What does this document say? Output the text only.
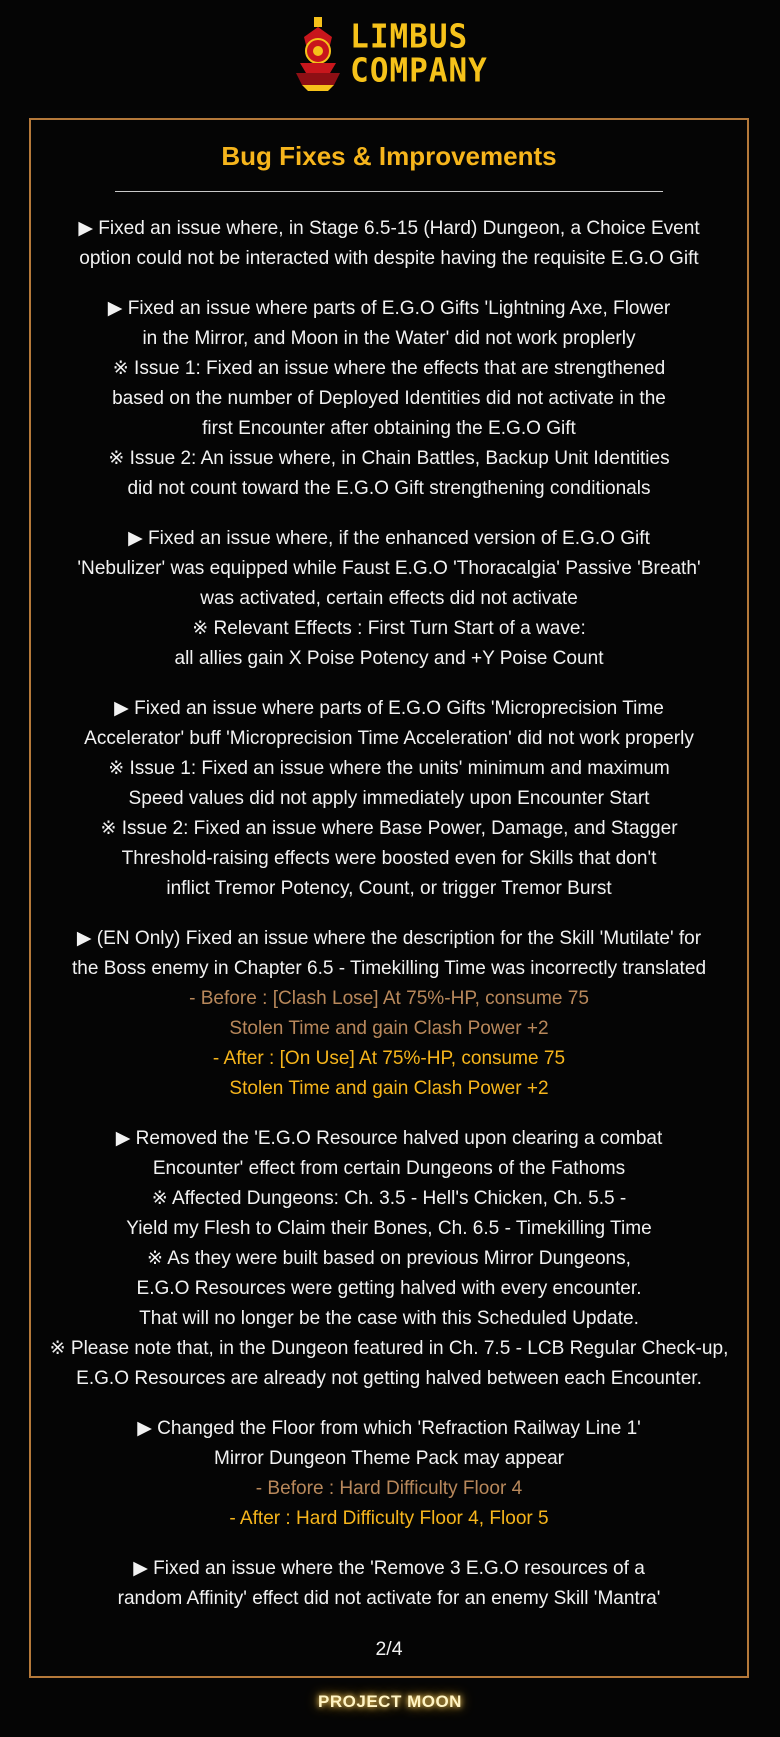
LIMBUS
COMPANY
Bug Fixes & Improvements
▶ Fixed an issue where, in Stage 6.5-15 (Hard) Dungeon, a Choice Event
option could not be interacted with despite having the requisite E.G.O Gift
▶ Fixed an issue where parts of E.G.O Gifts 'Lightning Axe, Flower
in the Mirror, and Moon in the Water' did not work proplerly
※ Issue 1: Fixed an issue where the effects that are strengthened
based on the number of Deployed Identities did not activate in the
first Encounter after obtaining the E.G.O Gift
※ Issue 2: An issue where, in Chain Battles, Backup Unit Identities
did not count toward the E.G.O Gift strengthening conditionals
▶ Fixed an issue where, if the enhanced version of E.G.O Gift
'Nebulizer' was equipped while Faust E.G.O 'Thoracalgia' Passive 'Breath'
was activated, certain effects did not activate
※ Relevant Effects : First Turn Start of a wave:
all allies gain X Poise Potency and +Y Poise Count
▶ Fixed an issue where parts of E.G.O Gifts 'Microprecision Time
Accelerator' buff 'Microprecision Time Acceleration' did not work properly
※ Issue 1: Fixed an issue where the units' minimum and maximum
Speed values did not apply immediately upon Encounter Start
※ Issue 2: Fixed an issue where Base Power, Damage, and Stagger
Threshold-raising effects were boosted even for Skills that don't
inflict Tremor Potency, Count, or trigger Tremor Burst
▶ (EN Only) Fixed an issue where the description for the Skill 'Mutilate' for
the Boss enemy in Chapter 6.5 - Timekilling Time was incorrectly translated
- Before : [Clash Lose] At 75%-HP, consume 75
Stolen Time and gain Clash Power +2
- After : [On Use] At 75%-HP, consume 75
Stolen Time and gain Clash Power +2
▶ Removed the 'E.G.O Resource halved upon clearing a combat
Encounter' effect from certain Dungeons of the Fathoms
※ Affected Dungeons: Ch. 3.5 - Hell's Chicken, Ch. 5.5 -
Yield my Flesh to Claim their Bones, Ch. 6.5 - Timekilling Time
※ As they were built based on previous Mirror Dungeons,
E.G.O Resources were getting halved with every encounter.
That will no longer be the case with this Scheduled Update.
※ Please note that, in the Dungeon featured in Ch. 7.5 - LCB Regular Check-up,
E.G.O Resources are already not getting halved between each Encounter.
▶ Changed the Floor from which 'Refraction Railway Line 1'
Mirror Dungeon Theme Pack may appear
- Before : Hard Difficulty Floor 4
- After : Hard Difficulty Floor 4, Floor 5
▶ Fixed an issue where the 'Remove 3 E.G.O resources of a
random Affinity' effect did not activate for an enemy Skill 'Mantra'
2/4
PROJECT MOON
